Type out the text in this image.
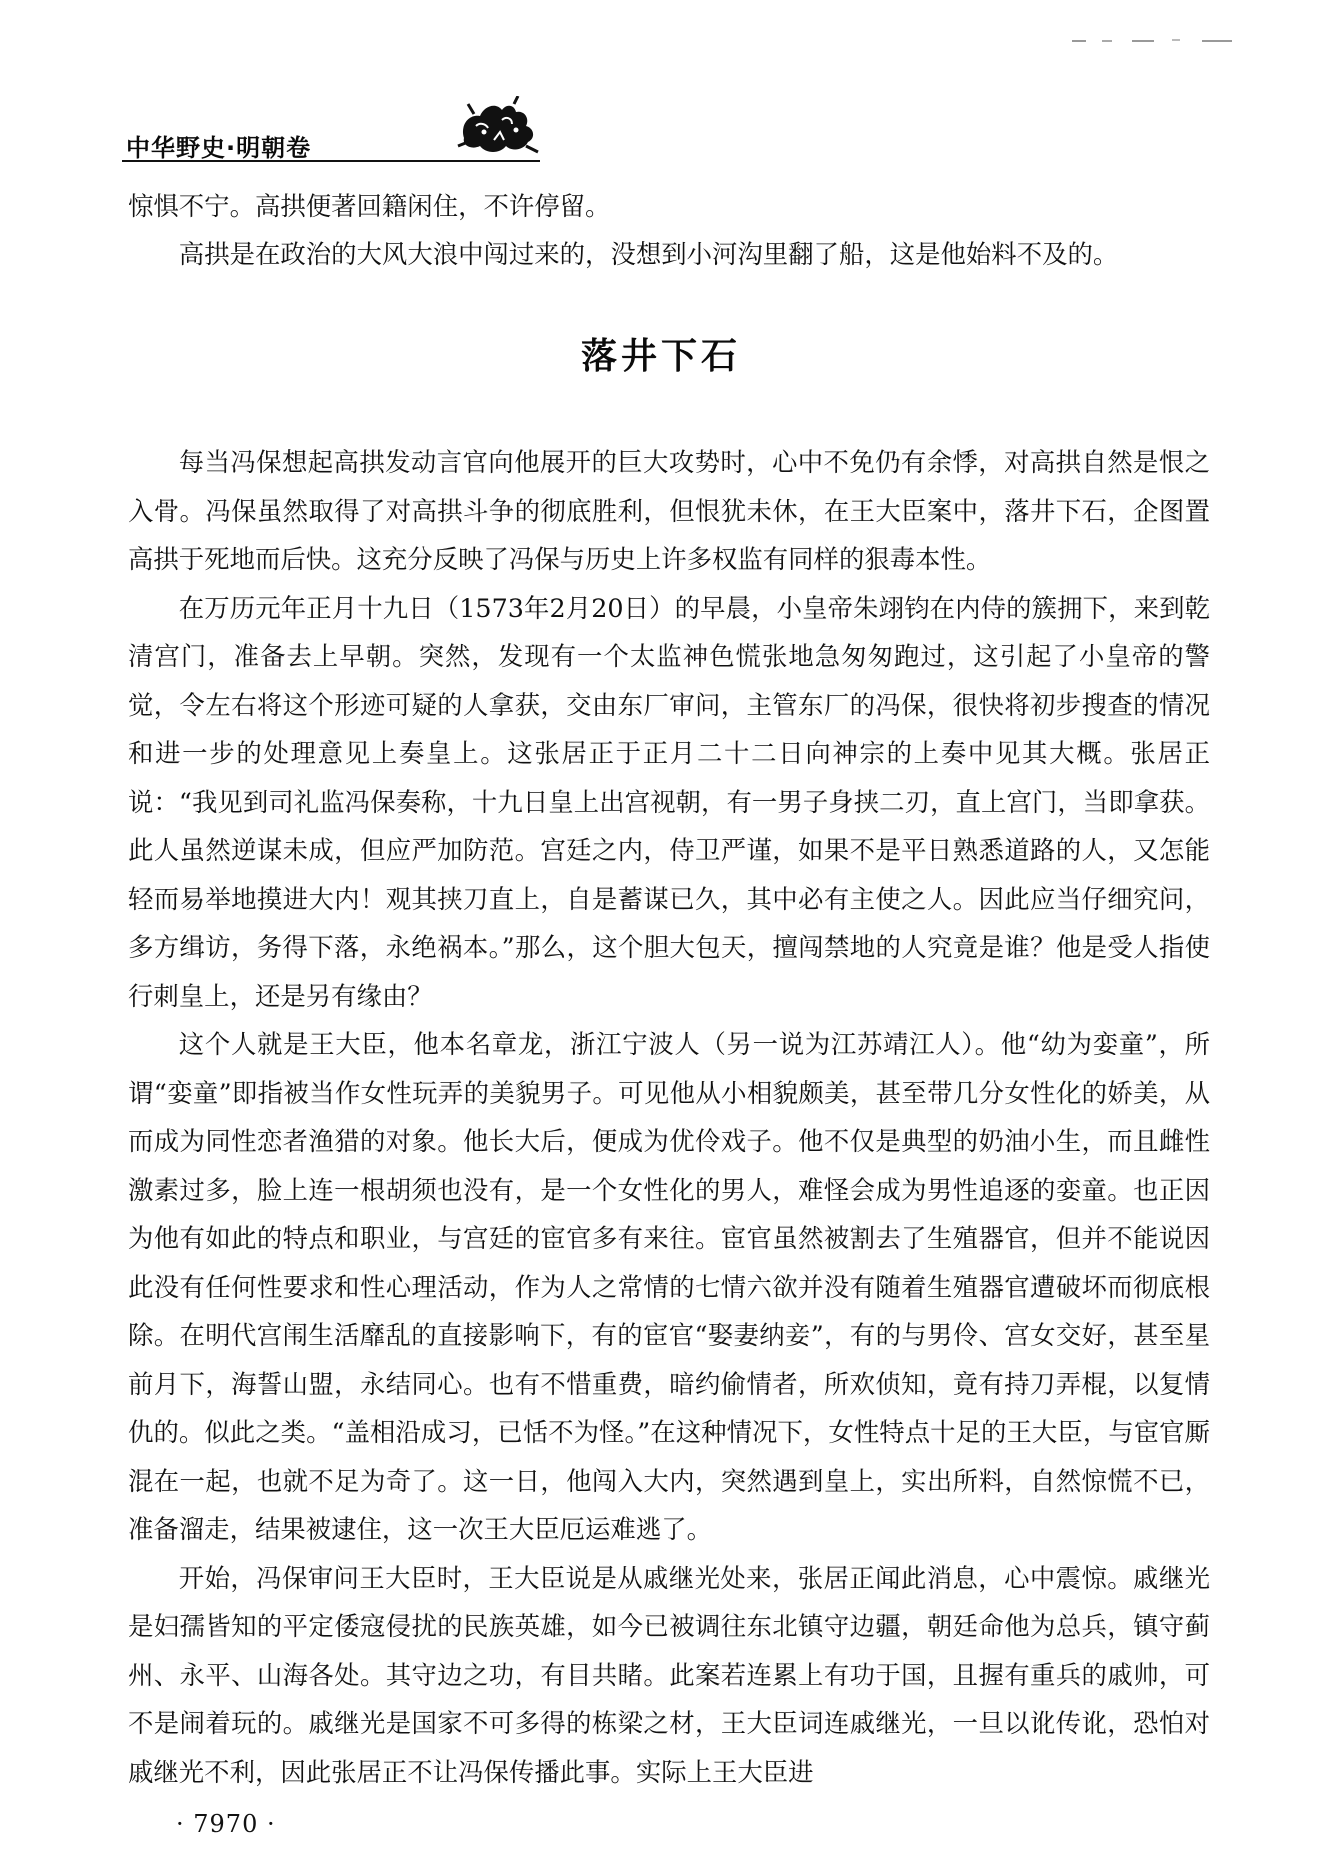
中华野史·明朝卷

惊惧不宁。高拱便著回籍闲住，不许停留。

高拱是在政治的大风大浪中闯过来的，没想到小河沟里翻了船，这是他始料不及的。

落井下石

每当冯保想起高拱发动言官向他展开的巨大攻势时，心中不免仍有余悸，对高拱自然是恨之入骨。冯保虽然取得了对高拱斗争的彻底胜利，但恨犹未休，在王大臣案中，落井下石，企图置高拱于死地而后快。这充分反映了冯保与历史上许多权监有同样的狠毒本性。

在万历元年正月十九日（1573年2月20日）的早晨，小皇帝朱翊钧在内侍的簇拥下，来到乾清宫门，准备去上早朝。突然，发现有一个太监神色慌张地急匆匆跑过，这引起了小皇帝的警觉，令左右将这个形迹可疑的人拿获，交由东厂审问，主管东厂的冯保，很快将初步搜查的情况和进一步的处理意见上奏皇上。这张居正于正月二十二日向神宗的上奏中见其大概。张居正说：“我见到司礼监冯保奏称，十九日皇上出宫视朝，有一男子身挟二刃，直上宫门，当即拿获。此人虽然逆谋未成，但应严加防范。宫廷之内，侍卫严谨，如果不是平日熟悉道路的人，又怎能轻而易举地摸进大内！观其挟刀直上，自是蓄谋已久，其中必有主使之人。因此应当仔细究问，多方缉访，务得下落，永绝祸本。”那么，这个胆大包天，擅闯禁地的人究竟是谁？他是受人指使行刺皇上，还是另有缘由？

这个人就是王大臣，他本名章龙，浙江宁波人（另一说为江苏靖江人）。他“幼为娈童”，所谓“娈童”即指被当作女性玩弄的美貌男子。可见他从小相貌颇美，甚至带几分女性化的娇美，从而成为同性恋者渔猎的对象。他长大后，便成为优伶戏子。他不仅是典型的奶油小生，而且雌性激素过多，脸上连一根胡须也没有，是一个女性化的男人，难怪会成为男性追逐的娈童。也正因为他有如此的特点和职业，与宫廷的宦官多有来往。宦官虽然被割去了生殖器官，但并不能说因此没有任何性要求和性心理活动，作为人之常情的七情六欲并没有随着生殖器官遭破坏而彻底根除。在明代宫闱生活靡乱的直接影响下，有的宦官“娶妻纳妾”，有的与男伶、宫女交好，甚至星前月下，海誓山盟，永结同心。也有不惜重费，暗约偷情者，所欢侦知，竟有持刀弄棍，以复情仇的。似此之类。“盖相沿成习，已恬不为怪。”在这种情况下，女性特点十足的王大臣，与宦官厮混在一起，也就不足为奇了。这一日，他闯入大内，突然遇到皇上，实出所料，自然惊慌不已，准备溜走，结果被逮住，这一次王大臣厄运难逃了。

开始，冯保审问王大臣时，王大臣说是从戚继光处来，张居正闻此消息，心中震惊。戚继光是妇孺皆知的平定倭寇侵扰的民族英雄，如今已被调往东北镇守边疆，朝廷命他为总兵，镇守蓟州、永平、山海各处。其守边之功，有目共睹。此案若连累上有功于国，且握有重兵的戚帅，可不是闹着玩的。戚继光是国家不可多得的栋梁之材，王大臣词连戚继光，一旦以讹传讹，恐怕对戚继光不利，因此张居正不让冯保传播此事。实际上王大臣进

· 7970 ·
